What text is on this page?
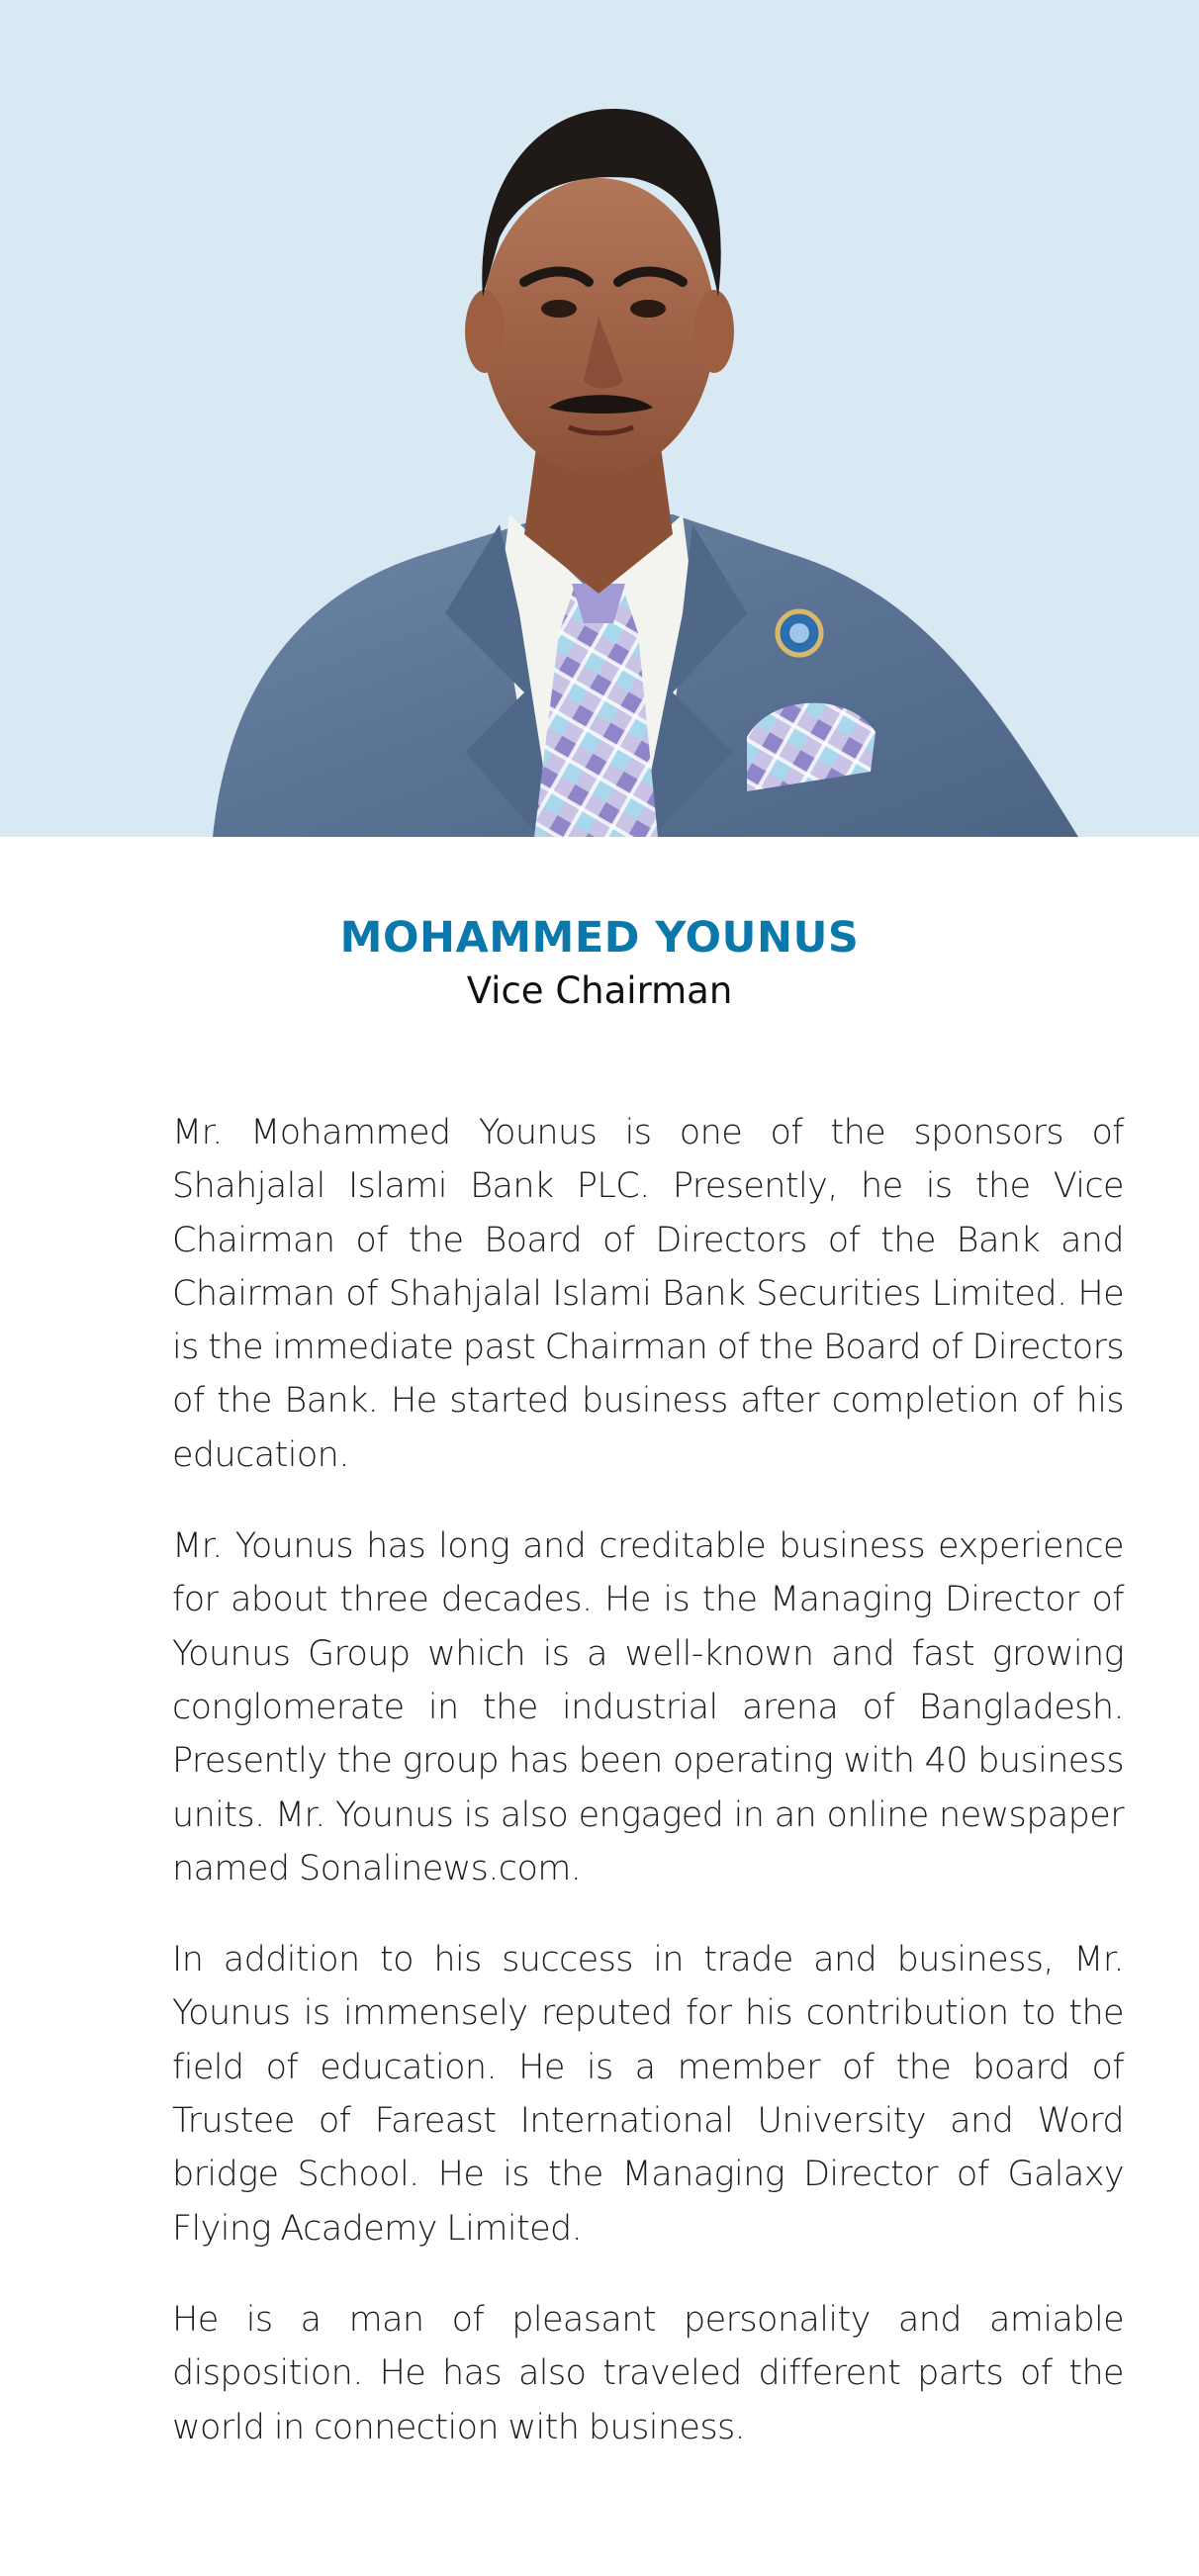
MOHAMMED YOUNUS

Vice Chairman

Mr. Mohammed Younus is one of the sponsors of Shahjalal Islami Bank PLC. Presently, he is the Vice Chairman of the Board of Directors of the Bank and Chairman of Shahjalal Islami Bank Securities Limited. He is the immediate past Chairman of the Board of Directors of the Bank. He started business after completion of his education.

Mr. Younus has long and creditable business experience for about three decades. He is the Managing Director of Younus Group which is a well-known and fast growing conglomerate in the industrial arena of Bangladesh. Presently the group has been operating with 40 business units. Mr. Younus is also engaged in an online newspaper named Sonalinews.com.

In addition to his success in trade and business, Mr. Younus is immensely reputed for his contribution to the field of education. He is a member of the board of Trustee of Fareast International University and Word bridge School. He is the Managing Director of Galaxy Flying Academy Limited.

He is a man of pleasant personality and amiable disposition. He has also traveled different parts of the world in connection with business.
